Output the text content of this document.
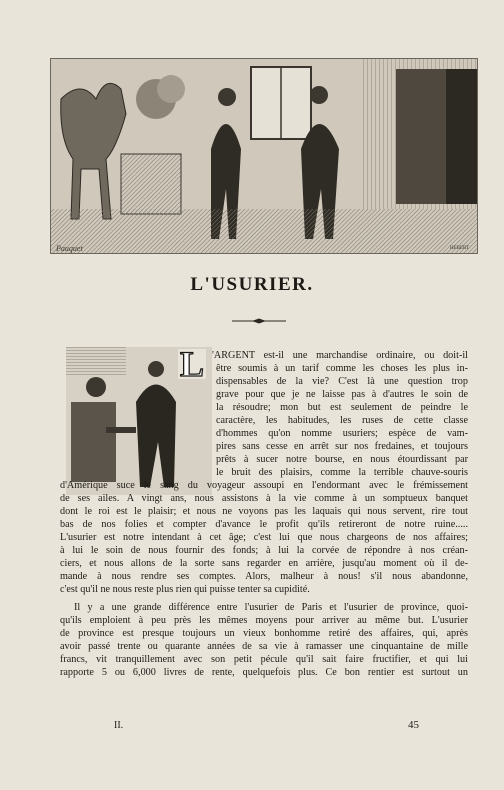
Pauquet	HEBERT
L'USURIER.
L 'ARGENT est-il une marchandise ordinaire, ou doit-il
être soumis à un tarif comme les choses les plus in-
dispensables de la vie? C'est là une question trop
grave pour que je ne laisse pas à d'autres le soin de
la résoudre; mon but est seulement de peindre le
caractère, les habitudes, les ruses de cette classe
d'hommes qu'on nomme usuriers; espèce de vam-
pires sans cesse en arrêt sur nos fredaines, et toujours
prêts à sucer notre bourse, en nous étourdissant par
le bruit des plaisirs, comme la terrible chauve-souris
d'Amérique suce le sang du voyageur assoupi en l'endormant avec le frémissement
de ses ailes. A vingt ans, nous assistons à la vie comme à un somptueux banquet
dont le roi est le plaisir; et nous ne voyons pas les laquais qui nous servent, rire tout
bas de nos folies et compter d'avance le profit qu'ils retireront de notre ruine.....
L'usurier est notre intendant à cet âge; c'est lui que nous chargeons de nos affaires;
à lui le soin de nous fournir des fonds; à lui la corvée de répondre à nos créan-
ciers, et nous allons de la sorte sans regarder en arrière, jusqu'au moment où il de-
mande à nous rendre ses comptes. Alors, malheur à nous! s'il nous abandonne,
c'est qu'il ne nous reste plus rien qui puisse tenter sa cupidité.
Il y a une grande différence entre l'usurier de Paris et l'usurier de province, quoi-
qu'ils emploient à peu près les mêmes moyens pour arriver au même but. L'usurier
de province est presque toujours un vieux bonhomme retiré des affaires, qui, après
avoir passé trente ou quarante années de sa vie à ramasser une cinquantaine de mille
francs, vit tranquillement avec son petit pécule qu'il sait faire fructifier, et qui lui
rapporte 5 ou 6,000 livres de rente, quelquefois plus. Ce bon rentier est surtout un
II.	45
